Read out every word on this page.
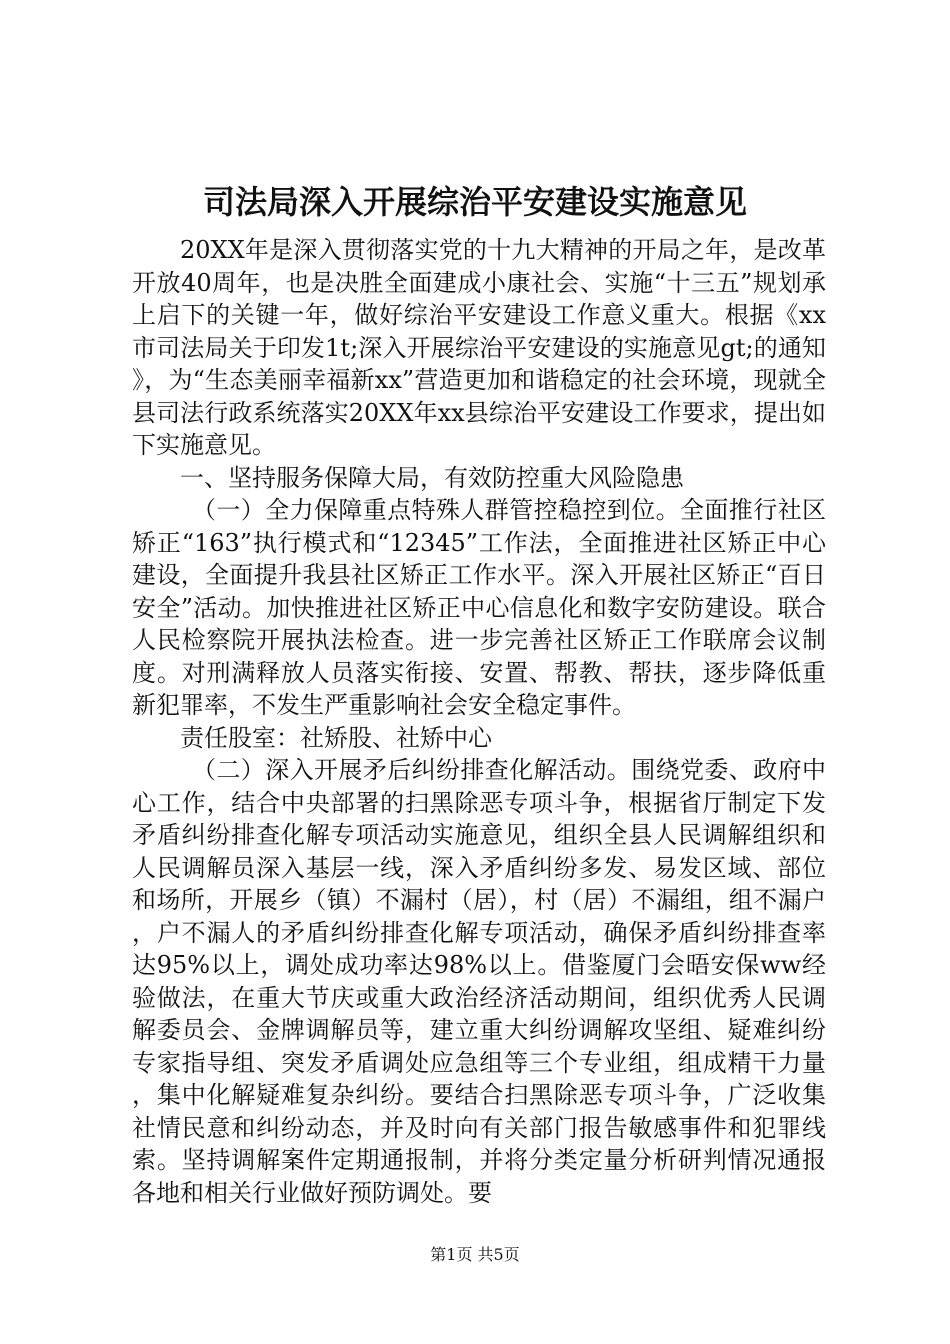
司法局深入开展综治平安建设实施意见

20XX年是深入贯彻落实党的十九大精神的开局之年，是改革开放40周年，也是决胜全面建成小康社会、实施“十三五”规划承上启下的关键一年，做好综治平安建设工作意义重大。根据《xx市司法局关于印发1t;深入开展综治平安建设的实施意见gt;的通知》，为“生态美丽幸福新xx”营造更加和谐稳定的社会环境，现就全县司法行政系统落实20XX年xx县综治平安建设工作要求，提出如下实施意见。

一、坚持服务保障大局，有效防控重大风险隐患

（一）全力保障重点特殊人群管控稳控到位。全面推行社区矫正“163”执行模式和“12345”工作法，全面推进社区矫正中心建设，全面提升我县社区矫正工作水平。深入开展社区矫正“百日安全”活动。加快推进社区矫正中心信息化和数字安防建设。联合人民检察院开展执法检查。进一步完善社区矫正工作联席会议制度。对刑满释放人员落实衔接、安置、帮教、帮扶，逐步降低重新犯罪率，不发生严重影响社会安全稳定事件。

责任股室：社矫股、社矫中心

（二）深入开展矛后纠纷排查化解活动。围绕党委、政府中心工作，结合中央部署的扫黑除恶专项斗争，根据省厅制定下发矛盾纠纷排查化解专项活动实施意见，组织全县人民调解组织和人民调解员深入基层一线，深入矛盾纠纷多发、易发区域、部位和场所，开展乡（镇）不漏村（居），村（居）不漏组，组不漏户，户不漏人的矛盾纠纷排查化解专项活动，确保矛盾纠纷排查率达95%以上，调处成功率达98%以上。借鉴厦门会晤安保ww经验做法，在重大节庆或重大政治经济活动期间，组织优秀人民调解委员会、金牌调解员等，建立重大纠纷调解攻坚组、疑难纠纷专家指导组、突发矛盾调处应急组等三个专业组，组成精干力量，集中化解疑难复杂纠纷。要结合扫黑除恶专项斗争，广泛收集社情民意和纠纷动态，并及时向有关部门报告敏感事件和犯罪线索。坚持调解案件定期通报制，并将分类定量分析研判情况通报各地和相关行业做好预防调处。要

第1页 共5页
